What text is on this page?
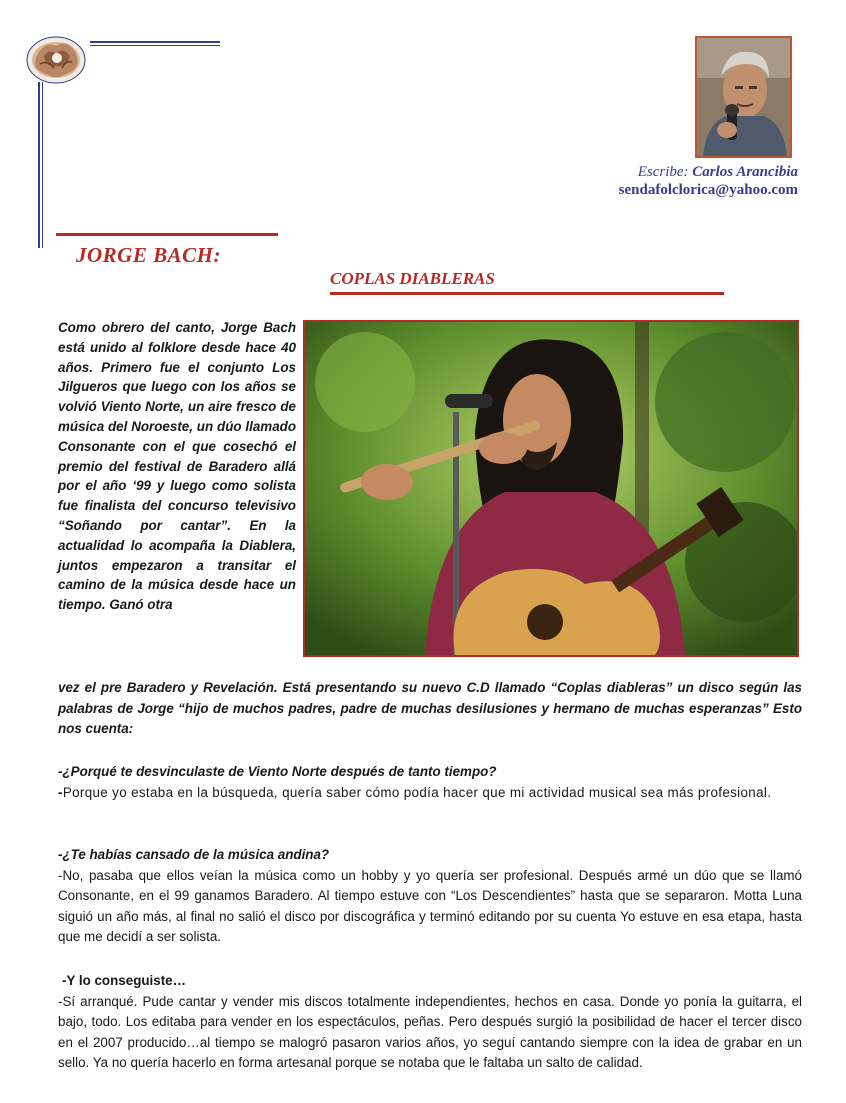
Escribe: Carlos Arancibia
sendafolclorica@yahoo.com
JORGE BACH:
COPLAS DIABLERAS
Como obrero del canto, Jorge Bach está unido al folklore desde hace 40 años. Primero fue el conjunto Los Jilgueros que luego con los años se volvió Viento Norte, un aire fresco de música del Noroeste, un dúo llamado Consonante con el que cosechó el premio del festival de Baradero allá por el año ‘99 y luego como solista fue finalista del concurso televisivo “Soñando por cantar”. En la actualidad lo acompaña la Diablera, juntos empezaron a transitar el camino de la música desde hace un tiempo. Ganó otra
vez el pre Baradero y Revelación. Está presentando su nuevo C.D llamado “Coplas diableras” un disco según las palabras de Jorge “hijo de muchos padres, padre de muchas desilusiones y hermano de muchas esperanzas” Esto nos cuenta:
-¿Porqué te desvinculaste de Viento Norte después de tanto tiempo?
-Porque yo estaba en la búsqueda, quería saber cómo podía hacer que mi actividad musical sea más profesional.
-¿Te habías cansado de la música andina?
-No, pasaba que ellos veían la música como un hobby y yo quería ser profesional. Después armé un dúo que se llamó Consonante, en el 99 ganamos Baradero. Al tiempo estuve con “Los Descendientes” hasta que se separaron. Motta Luna siguió un año más, al final no salió el disco por discográfica y terminó editando por su cuenta Yo estuve en esa etapa, hasta que me decidí a ser solista.
-Y lo conseguiste…
-Sí arranqué. Pude cantar y vender mis discos totalmente independientes, hechos en casa. Donde yo ponía la guitarra, el bajo, todo. Los editaba para vender en los espectáculos, peñas. Pero después surgió la posibilidad de hacer el tercer disco en el 2007 producido…al tiempo se malogró pasaron varios años, yo seguí cantando siempre con la idea de grabar en un sello. Ya no quería hacerlo en forma artesanal porque se notaba que le faltaba un salto de calidad.
